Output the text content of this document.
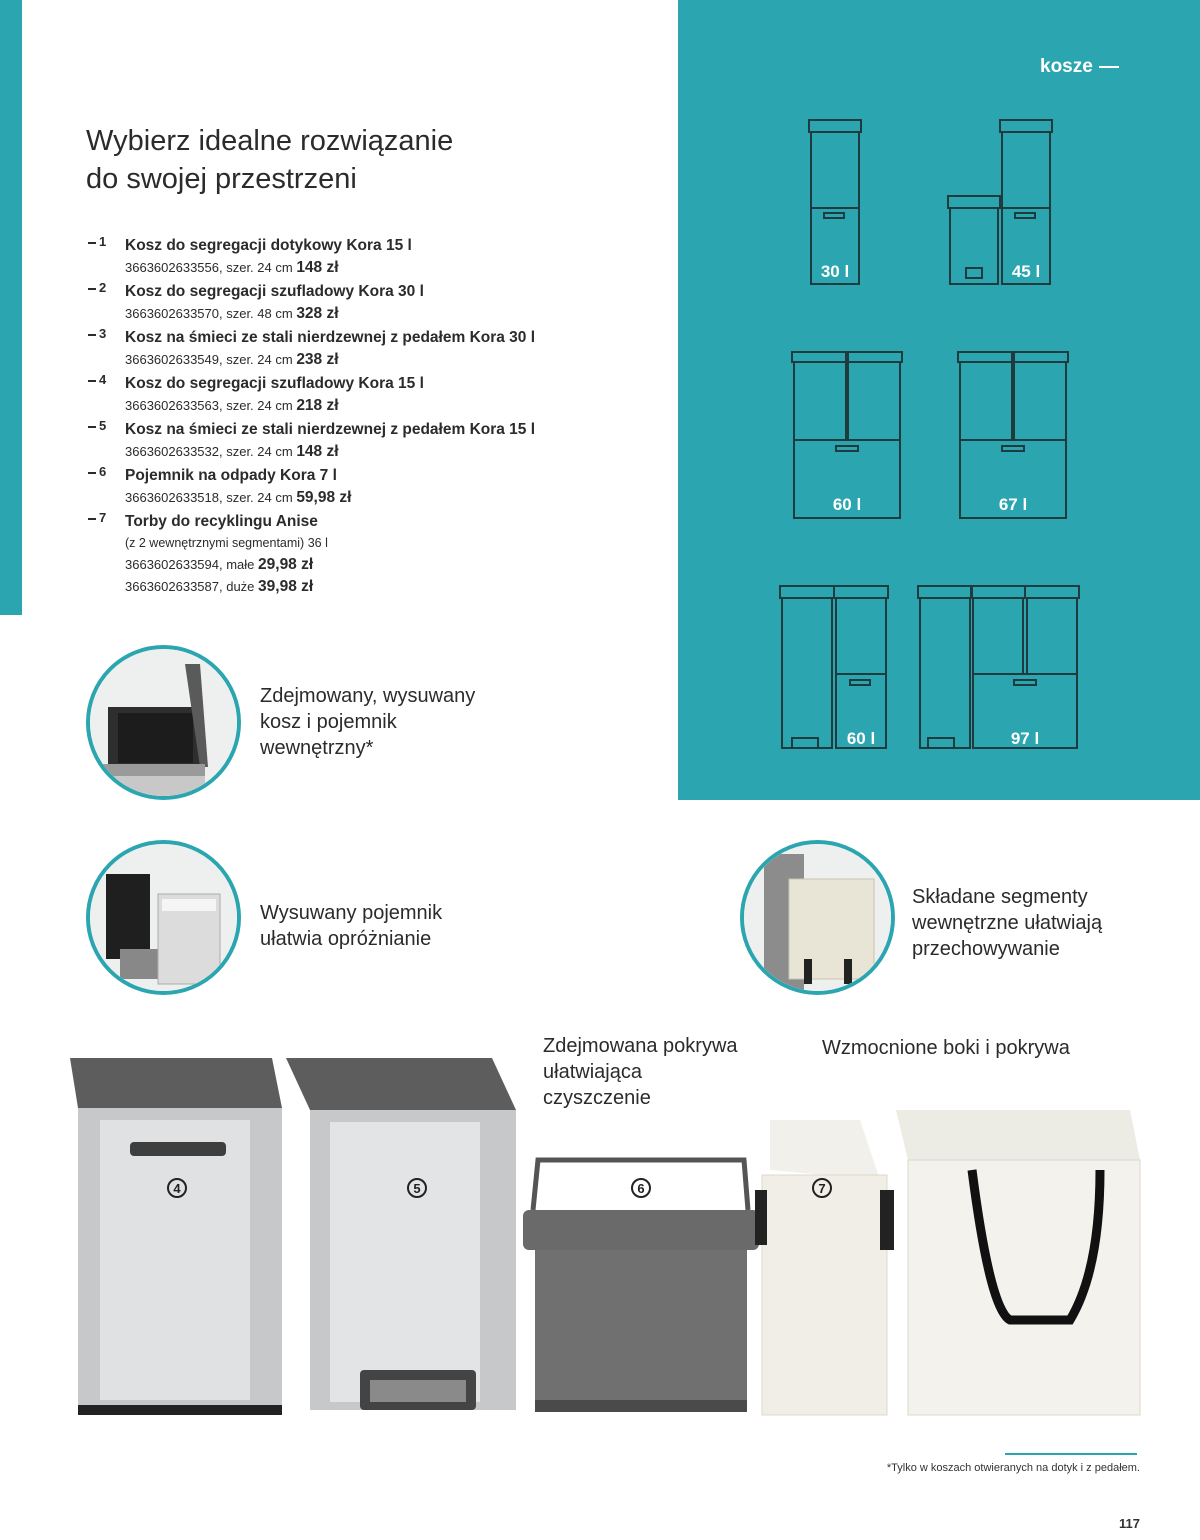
kosze
Wybierz idealne rozwiązanie
do swojej przestrzeni
1 Kosz do segregacji dotykowy Kora 15 l
3663602633556, szer. 24 cm 148 zł
2 Kosz do segregacji szufladowy Kora 30 l
3663602633570, szer. 48 cm 328 zł
3 Kosz na śmieci ze stali nierdzewnej z pedałem Kora 30 l
3663602633549, szer. 24 cm 238 zł
4 Kosz do segregacji szufladowy Kora 15 l
3663602633563, szer. 24 cm 218 zł
5 Kosz na śmieci ze stali nierdzewnej z pedałem Kora 15 l
3663602633532, szer. 24 cm 148 zł
6 Pojemnik na odpady Kora 7 l
3663602633518, szer. 24 cm 59,98 zł
7 Torby do recyklingu Anise
(z 2 wewnętrznymi segmentami) 36 l
3663602633594, małe 29,98 zł
3663602633587, duże 39,98 zł
30 l	45 l
60 l	67 l
60 l	97 l
Zdejmowany, wysuwany
kosz i pojemnik
wewnętrzny*
Wysuwany pojemnik
ułatwia opróżnianie
Składane segmenty
wewnętrzne ułatwiają
przechowywanie
Zdejmowana pokrywa
ułatwiająca
czyszczenie
Wzmocnione boki i pokrywa
4	5	6	7
*Tylko w koszach otwieranych na dotyk i z pedałem.
117
